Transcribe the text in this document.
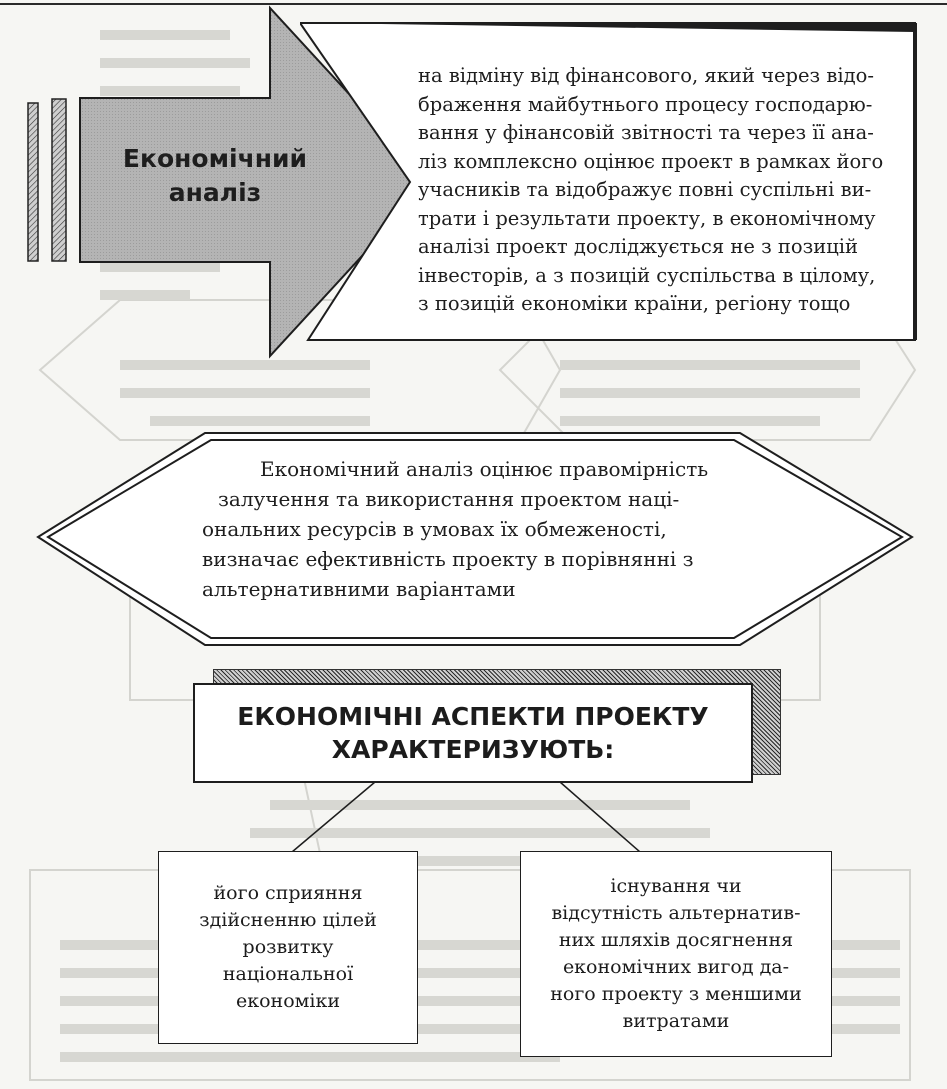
Економічний аналіз
на відміну від фінансового, який через відо-
браження майбутнього процесу господарю-
вання у фінансовій звітності та через її ана-
ліз комплексно оцінює проект в рамках його
учасників та відображує повні суспільні ви-
трати і результати проекту, в економічному
аналізі проект досліджується не з позицій
інвесторів, а з позицій суспільства в цілому,
з позицій економіки країни, регіону тощо
Економічний аналіз оцінює правомірність
залучення та використання проектом наці-
ональних ресурсів в умовах їх обмеженості,
визначає ефективність проекту в порівнянні з
альтернативними варіантами
ЕКОНОМІЧНІ АСПЕКТИ ПРОЕКТУ
ХАРАКТЕРИЗУЮТЬ:
його сприяння
здійсненню цілей
розвитку
національної
економіки
існування чи
відсутність альтернатив-
них шляхів досягнення
економічних вигод да-
ного проекту з меншими
витратами
